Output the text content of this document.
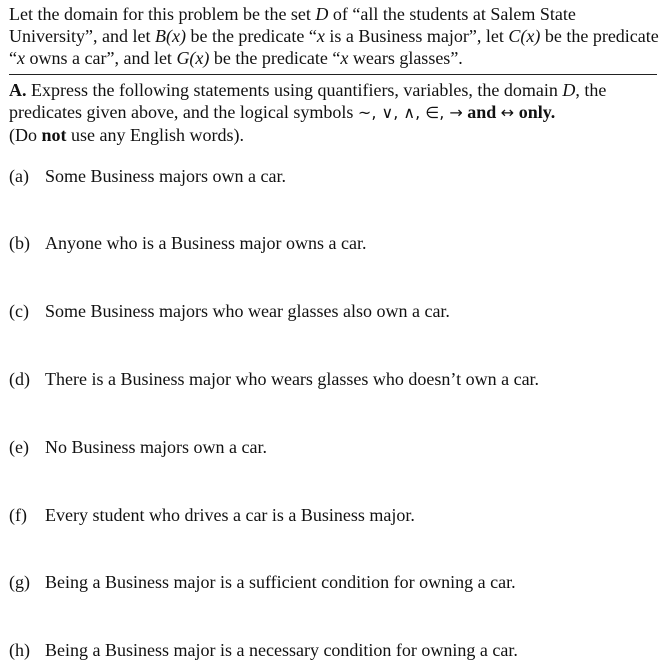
Let the domain for this problem be the set D of “all the students at Salem State University”, and let B(x) be the predicate “x is a Business major”, let C(x) be the predicate “x owns a car”, and let G(x) be the predicate “x wears glasses”.

A. Express the following statements using quantifiers, variables, the domain D, the predicates given above, and the logical symbols ~, ∨, ∧, ∈, → and ↔ only.
(Do not use any English words).

(a) Some Business majors own a car.

(b) Anyone who is a Business major owns a car.

(c) Some Business majors who wear glasses also own a car.

(d) There is a Business major who wears glasses who doesn’t own a car.

(e) No Business majors own a car.

(f) Every student who drives a car is a Business major.

(g) Being a Business major is a sufficient condition for owning a car.

(h) Being a Business major is a necessary condition for owning a car.
